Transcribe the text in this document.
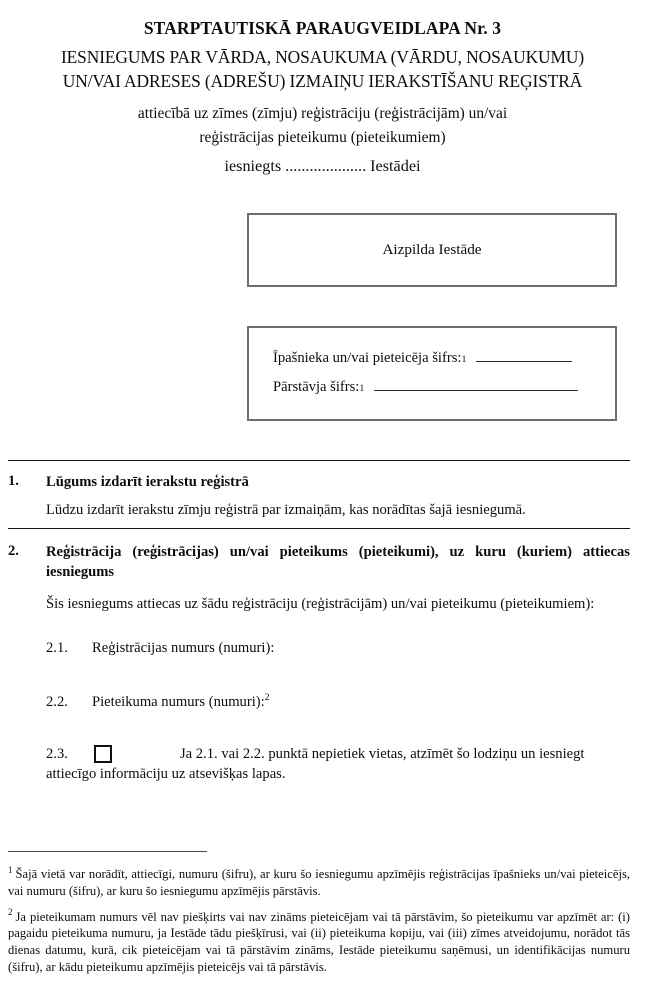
STARPTAUTISKĀ PARAUGVEIDLAPA Nr. 3
IESNIEGUMS PAR VĀRDA, NOSAUKUMA (VĀRDU, NOSAUKUMU)
UN/VAI ADRESES (ADREŠU) IZMAIŅU IERAKSTĪŠANU REĢISTRĀ
attiecībā uz zīmes (zīmju) reģistrāciju (reģistrācijām) un/vai
reģistrācijas pieteikumu (pieteikumiem)
iesniegts .................... Iestādei
Aizpilda Iestāde
Īpašnieka un/vai pieteicēja šifrs: 1
Pārstāvja šifrs: 1
1.	Lūgums izdarīt ierakstu reģistrā
Lūdzu izdarīt ierakstu zīmju reģistrā par izmaiņām, kas norādītas šajā iesniegumā.
2.	Reģistrācija (reģistrācijas) un/vai pieteikums (pieteikumi), uz kuru (kuriem) attiecas iesniegums
Šis iesniegums attiecas uz šādu reģistrāciju (reģistrācijām) un/vai pieteikumu (pieteikumiem):
2.1.	Reģistrācijas numurs (numuri):
2.2.	Pieteikuma numurs (numuri):$^2$
2.3.	Ja 2.1. vai 2.2. punktā nepietiek vietas, atzīmēt šo lodziņu un iesniegt attiecīgo informāciju uz atsevišķas lapas.
$^1$ Šajā vietā var norādīt, attiecīgi, numuru (šifru), ar kuru šo iesniegumu apzīmējis reģistrācijas īpašnieks un/vai pieteicējs, vai numuru (šifru), ar kuru šo iesniegumu apzīmējis pārstāvis.
$^2$ Ja pieteikumam numurs vēl nav piešķirts vai nav zināms pieteicējam vai tā pārstāvim, šo pieteikumu var apzīmēt ar: (i) pagaidu pieteikuma numuru, ja Iestāde tādu piešķīrusi, vai (ii) pieteikuma kopiju, vai (iii) zīmes atveidojumu, norādot tās dienas datumu, kurā, cik pieteicējam vai tā pārstāvim zināms, Iestāde pieteikumu saņēmusi, un identifikācijas numuru (šifru), ar kādu pieteikumu apzīmējis pieteicējs vai tā pārstāvis.
